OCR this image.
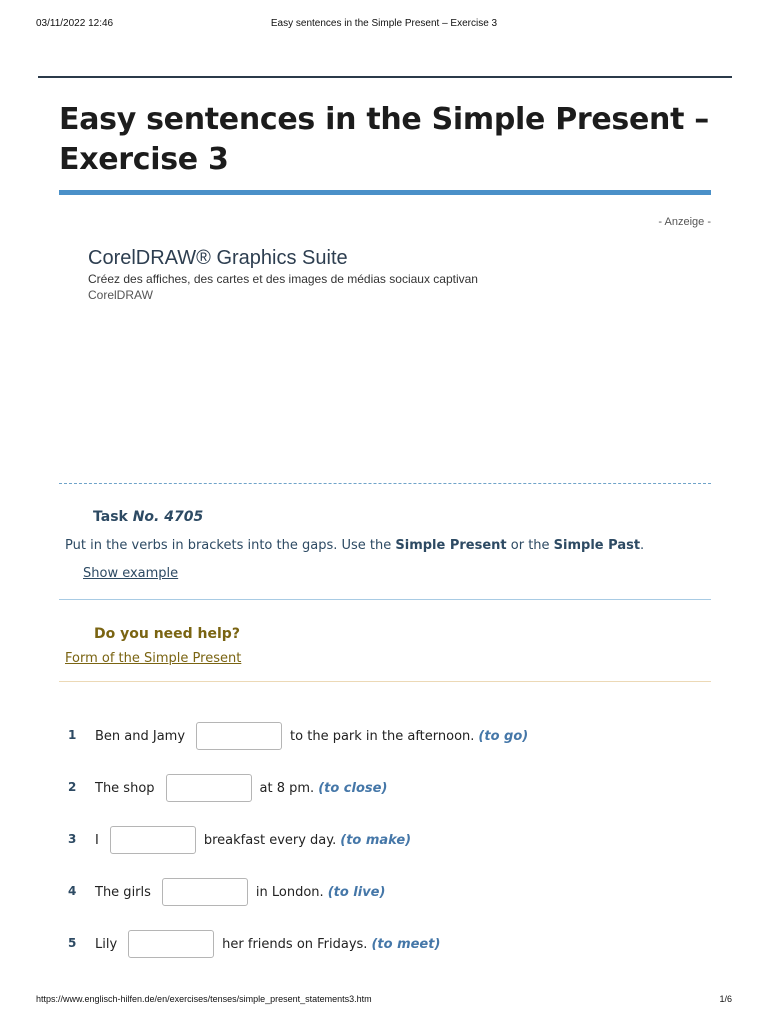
03/11/2022 12:46	Easy sentences in the Simple Present – Exercise 3
Easy sentences in the Simple Present – Exercise 3
- Anzeige -
CorelDRAW® Graphics Suite
Créez des affiches, des cartes et des images de médias sociaux captivan
CorelDRAW
Task No. 4705
Put in the verbs in brackets into the gaps. Use the Simple Present or the Simple Past.
Show example
Do you need help?
Form of the Simple Present
1 Ben and Jamy	to the park in the afternoon. (to go)
2 The shop	at 8 pm. (to close)
3 I	breakfast every day. (to make)
4 The girls	in London. (to live)
5 Lily	her friends on Fridays. (to meet)
https://www.englisch-hilfen.de/en/exercises/tenses/simple_present_statements3.htm	1/6
